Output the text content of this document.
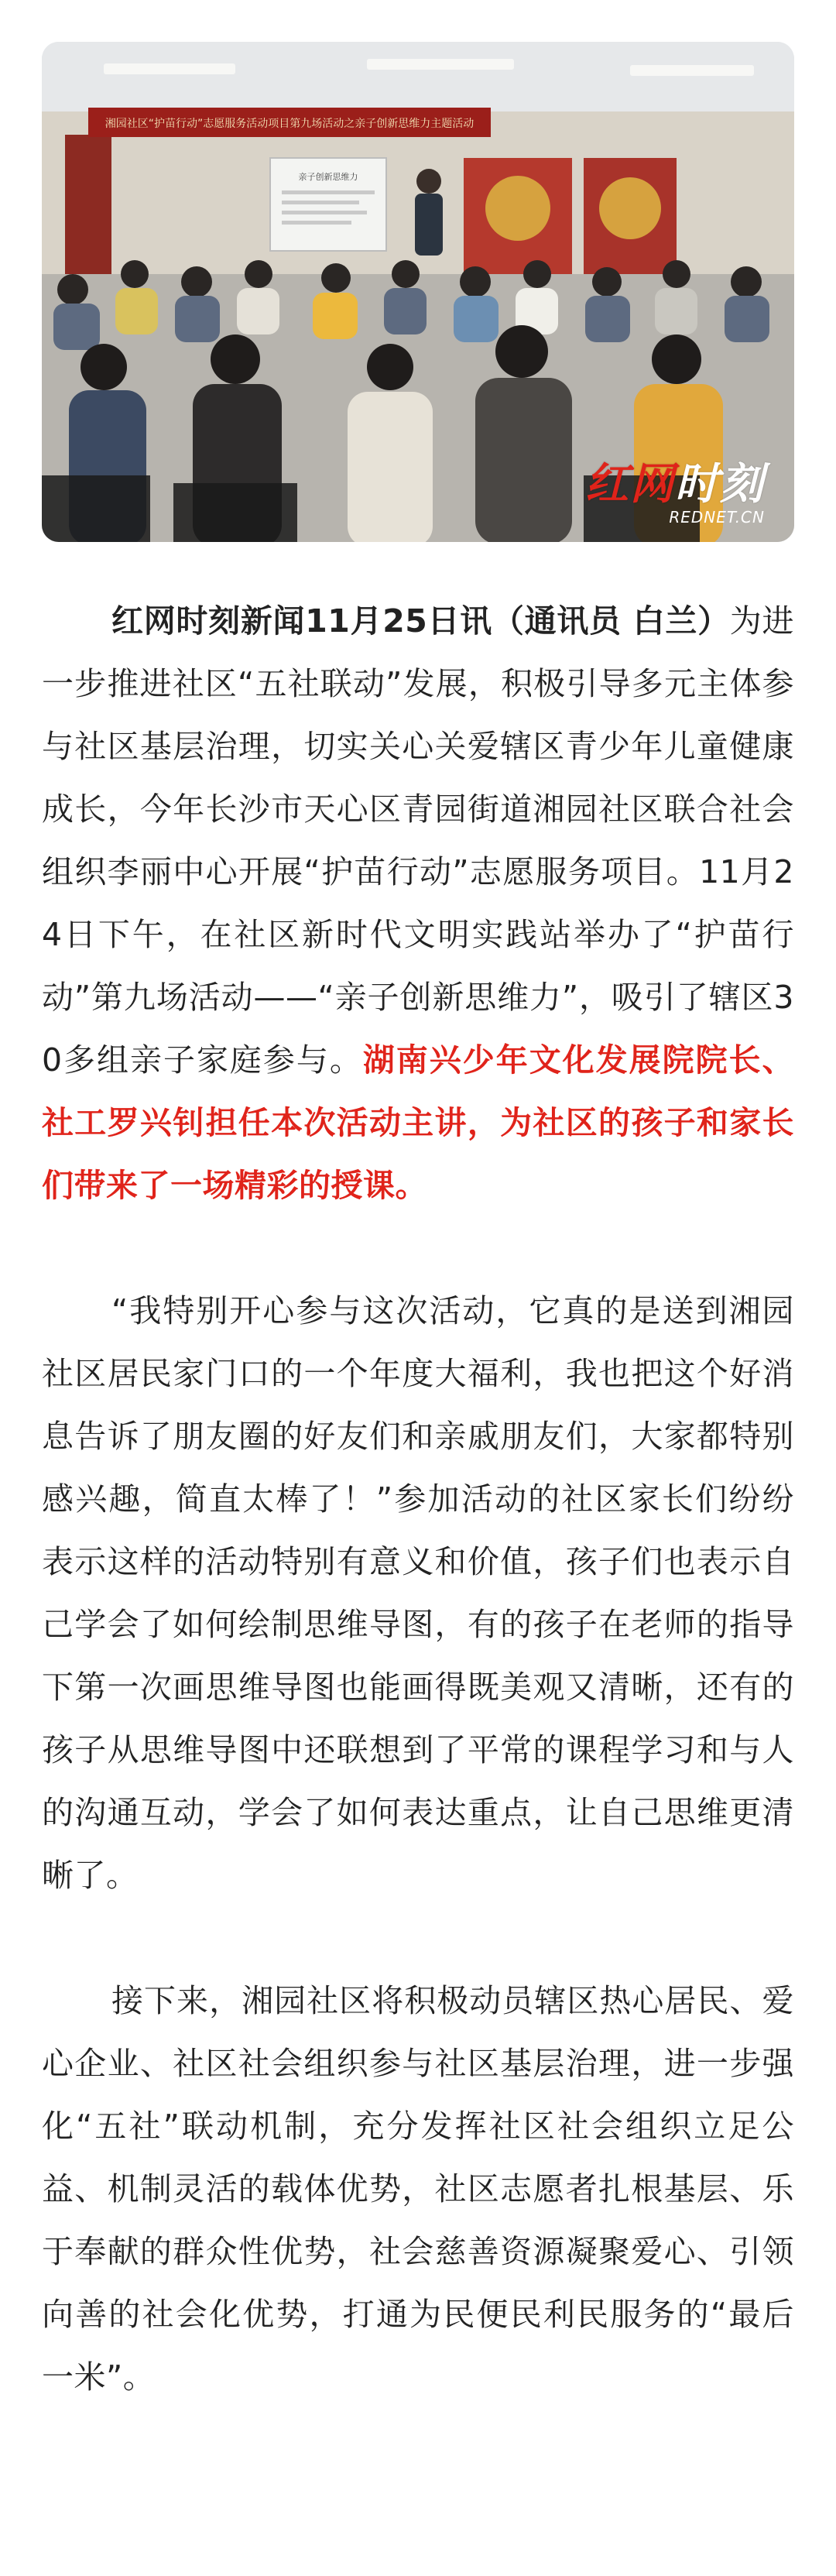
湘园社区“护苗行动”志愿服务活动项目第九场活动之亲子创新思维力主题活动
亲子创新思维力
红网时刻
REDNET.CN

红网时刻新闻11月25日讯（通讯员 白兰）为进一步推进社区“五社联动”发展，积极引导多元主体参与社区基层治理，切实关心关爱辖区青少年儿童健康成长，今年长沙市天心区青园街道湘园社区联合社会组织李丽中心开展“护苗行动”志愿服务项目。11月24日下午，在社区新时代文明实践站举办了“护苗行动”第九场活动——“亲子创新思维力”，吸引了辖区30多组亲子家庭参与。湖南兴少年文化发展院院长、社工罗兴钊担任本次活动主讲，为社区的孩子和家长们带来了一场精彩的授课。

“我特别开心参与这次活动，它真的是送到湘园社区居民家门口的一个年度大福利，我也把这个好消息告诉了朋友圈的好友们和亲戚朋友们，大家都特别感兴趣，简直太棒了！”参加活动的社区家长们纷纷表示这样的活动特别有意义和价值，孩子们也表示自己学会了如何绘制思维导图，有的孩子在老师的指导下第一次画思维导图也能画得既美观又清晰，还有的孩子从思维导图中还联想到了平常的课程学习和与人的沟通互动，学会了如何表达重点，让自己思维更清晰了。

接下来，湘园社区将积极动员辖区热心居民、爱心企业、社区社会组织参与社区基层治理，进一步强化“五社”联动机制，充分发挥社区社会组织立足公益、机制灵活的载体优势，社区志愿者扎根基层、乐于奉献的群众性优势，社会慈善资源凝聚爱心、引领向善的社会化优势，打通为民便民利民服务的“最后一米”。
